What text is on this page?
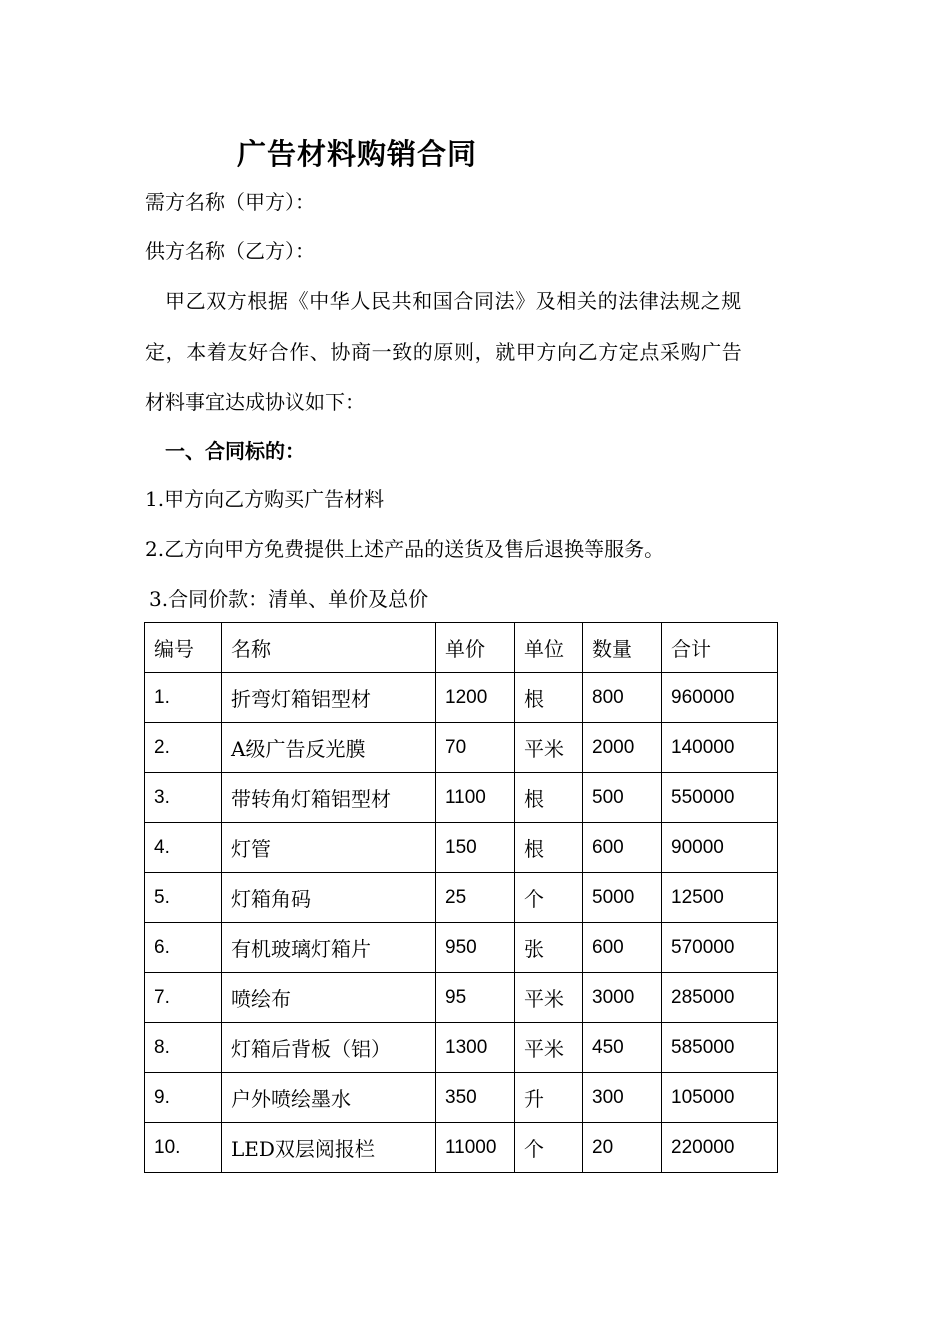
广告材料购销合同
需方名称（甲方）：
供方名称（乙方）：
甲乙双方根据《中华人民共和国合同法》及相关的法律法规之规
定，本着友好合作、协商一致的原则，就甲方向乙方定点采购广告
材料事宜达成协议如下：
一、合同标的：
1.甲方向乙方购买广告材料
2.乙方向甲方免费提供上述产品的送货及售后退换等服务。
3.合同价款：清单、单价及总价
编号	名称	单价	单位	数量	合计
1.	折弯灯箱铝型材	1200	根	800	960000
2.	A级广告反光膜	70	平米	2000	140000
3.	带转角灯箱铝型材	1100	根	500	550000
4.	灯管	150	根	600	90000
5.	灯箱角码	25	个	5000	12500
6.	有机玻璃灯箱片	950	张	600	570000
7.	喷绘布	95	平米	3000	285000
8.	灯箱后背板（铝）	1300	平米	450	585000
9.	户外喷绘墨水	350	升	300	105000
10.	LED双层阅报栏	11000	个	20	220000
